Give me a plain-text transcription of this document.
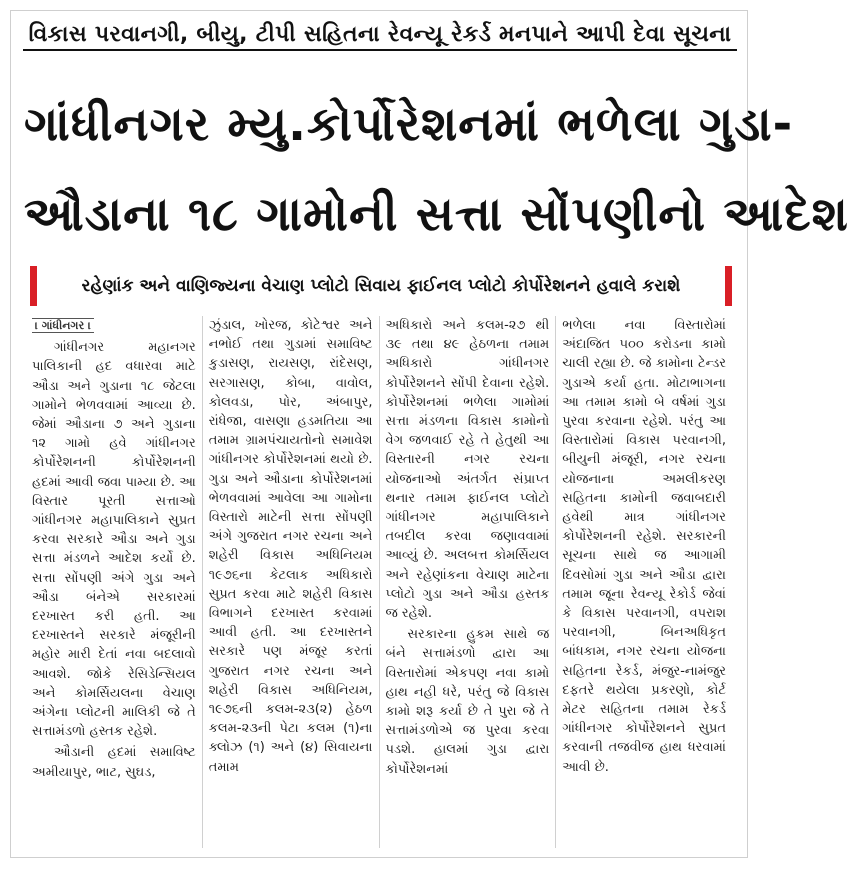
વિકાસ પરવાનગી, બીયુ, ટીપી સહિતના રેવન્યૂ રેકર્ડ મનપાને આપી દેવા સૂચના
ગાંધીનગર મ્યુ.કોર્પોરેશનમાં ભળેલા ગુડા-
ઔડાના ૧૮ ગામોની સત્તા સોંપણીનો આદેશ
રહેણાંક અને વાણિજ્યના વેચાણ પ્લોટો સિવાય ફાઈનલ પ્લોટો કોર્પોરેશનને હવાલે કરાશે
। ગાંધીનગર ।

ગાંધીનગર મહાનગર પાલિકાની હદ વધારવા માટે ઔડા અને ગુડાના ૧૮ જેટલા ગામોને ભેળવવામાં આવ્યા છે. જેમાં ઔડાના ૭ અને ગુડાના ૧૨ ગામો હવે ગાંધીનગર કોર્પોરેશનની કોર્પોરેશનની હદમાં આવી જવા પામ્યા છે. આ વિસ્તાર પૂરતી સત્તાઓ ગાંધીનગર મહાપાલિકાને સુપ્રત કરવા સરકારે ઔડા અને ગુડા સત્તા મંડળને આદેશ કર્યો છે. સત્તા સોંપણી અંગે ગુડા અને ઔડા બંનેએ સરકારમાં દરખાસ્ત કરી હતી. આ દરખાસ્તને સરકારે મંજૂરીની મહોર મારી દેતાં નવા બદલાવો આવશે. જોકે રેસિડેન્સિયલ અને કોમર્સિયલના વેચાણ અંગેના પ્લોટની માલિકી જે તે સત્તામંડળો હસ્તક રહેશે.

ઔડાની હદમાં સમાવિષ્ટ અમીયાપુર, ભાટ, સુઘડ,

ઝુંડાલ, ખોરજ, કોટેશ્વર અને નભોઈ તથા ગુડામાં સમાવિષ્ટ કુડાસણ, રાયસણ, રાંદેસણ, સરગાસણ, કોબા, વાવોલ, કોલવડા, પોર, અંબાપુર, રાંધેજા, વાસણા હડમતિયા આ તમામ ગ્રામપંચાયતોનો સમાવેશ ગાંધીનગર કોર્પોરેશનમાં થયો છે. ગુડા અને ઔડાના કોર્પોરેશનમાં ભેળવવામાં આવેલા આ ગામોના વિસ્તારો માટેની સત્તા સોંપણી અંગે ગુજરાત નગર રચના અને શહેરી વિકાસ અધિનિયમ ૧૯૭૬ના કેટલાક અધિકારો સુપ્રત કરવા માટે શહેરી વિકાસ વિભાગને દરખાસ્ત કરવામાં આવી હતી. આ દરખાસ્તને સરકારે પણ મંજૂર કરતાં ગુજરાત નગર રચના અને શહેરી વિકાસ અધિનિયમ, ૧૯૭૬ની કલમ-૨૩(૨) હેઠળ કલમ-૨૩ની પેટા કલમ (૧)ના ક્લોઝ (૧) અને (૪) સિવાયના તમામ

અધિકારો અને કલમ-૨૭ થી ૩૯ તથા ૪૯ હેઠળના તમામ અધિકારો ગાંધીનગર કોર્પોરેશનને સોંપી દેવાના રહેશે. કોર્પોરેશનમાં ભળેલા ગામોમાં સત્તા મંડળના વિકાસ કામોનો વેગ જળવાઈ રહે તે હેતુથી આ વિસ્તારની નગર રચના યોજનાઓ અંતર્ગત સંપ્રાપ્ત થનાર તમામ ફાઈનલ પ્લોટો ગાંધીનગર મહાપાલિકાને તબદીલ કરવા જણાવવામાં આવ્યું છે. અલબત્ત કોમર્સિયલ અને રહેણાંકના વેચાણ માટેના પ્લોટો ગુડા અને ઔડા હસ્તક જ રહેશે.

સરકારના હુકમ સાથે જ બંને સત્તામંડળો દ્વારા આ વિસ્તારોમાં એકપણ નવા કામો હાથ નહી ધરે, પરંતુ જે વિકાસ કામો શરૂ કર્યા છે તે પુરા જે તે સત્તામંડળોએ જ પુરવા કરવા પડશે. હાલમાં ગુડા દ્વારા કોર્પોરેશનમાં

ભળેલા નવા વિસ્તારોમાં અંદાજિત ૫૦૦ કરોડના કામો ચાલી રહ્યા છે. જે કામોના ટેન્ડર ગુડાએ કર્યા હતા. મોટાભાગના આ તમામ કામો બે વર્ષમાં ગુડા પુરવા કરવાના રહેશે. પરંતુ આ વિસ્તારોમાં વિકાસ પરવાનગી, બીયુની મંજૂરી, નગર રચના યોજનાના અમલીકરણ સહિતના કામોની જવાબદારી હવેથી માત્ર ગાંધીનગર કોર્પોરેશનની રહેશે. સરકારની સૂચના સાથે જ આગામી દિવસોમાં ગુડા અને ઔડા દ્વારા તમામ જૂના રેવન્યૂ રેકોર્ડ જેવાં કે વિકાસ પરવાનગી, વપરાશ પરવાનગી, બિનઅધિકૃત બાંધકામ, નગર રચના યોજના સહિતના રેકર્ડ, મંજુર-નામંજુર દફતરે થયેલા પ્રકરણો, કોર્ટ મેટર સહિતના તમામ રેકર્ડ ગાંધીનગર કોર્પોરેશનને સુપ્રત કરવાની તજવીજ હાથ ધરવામાં આવી છે.
